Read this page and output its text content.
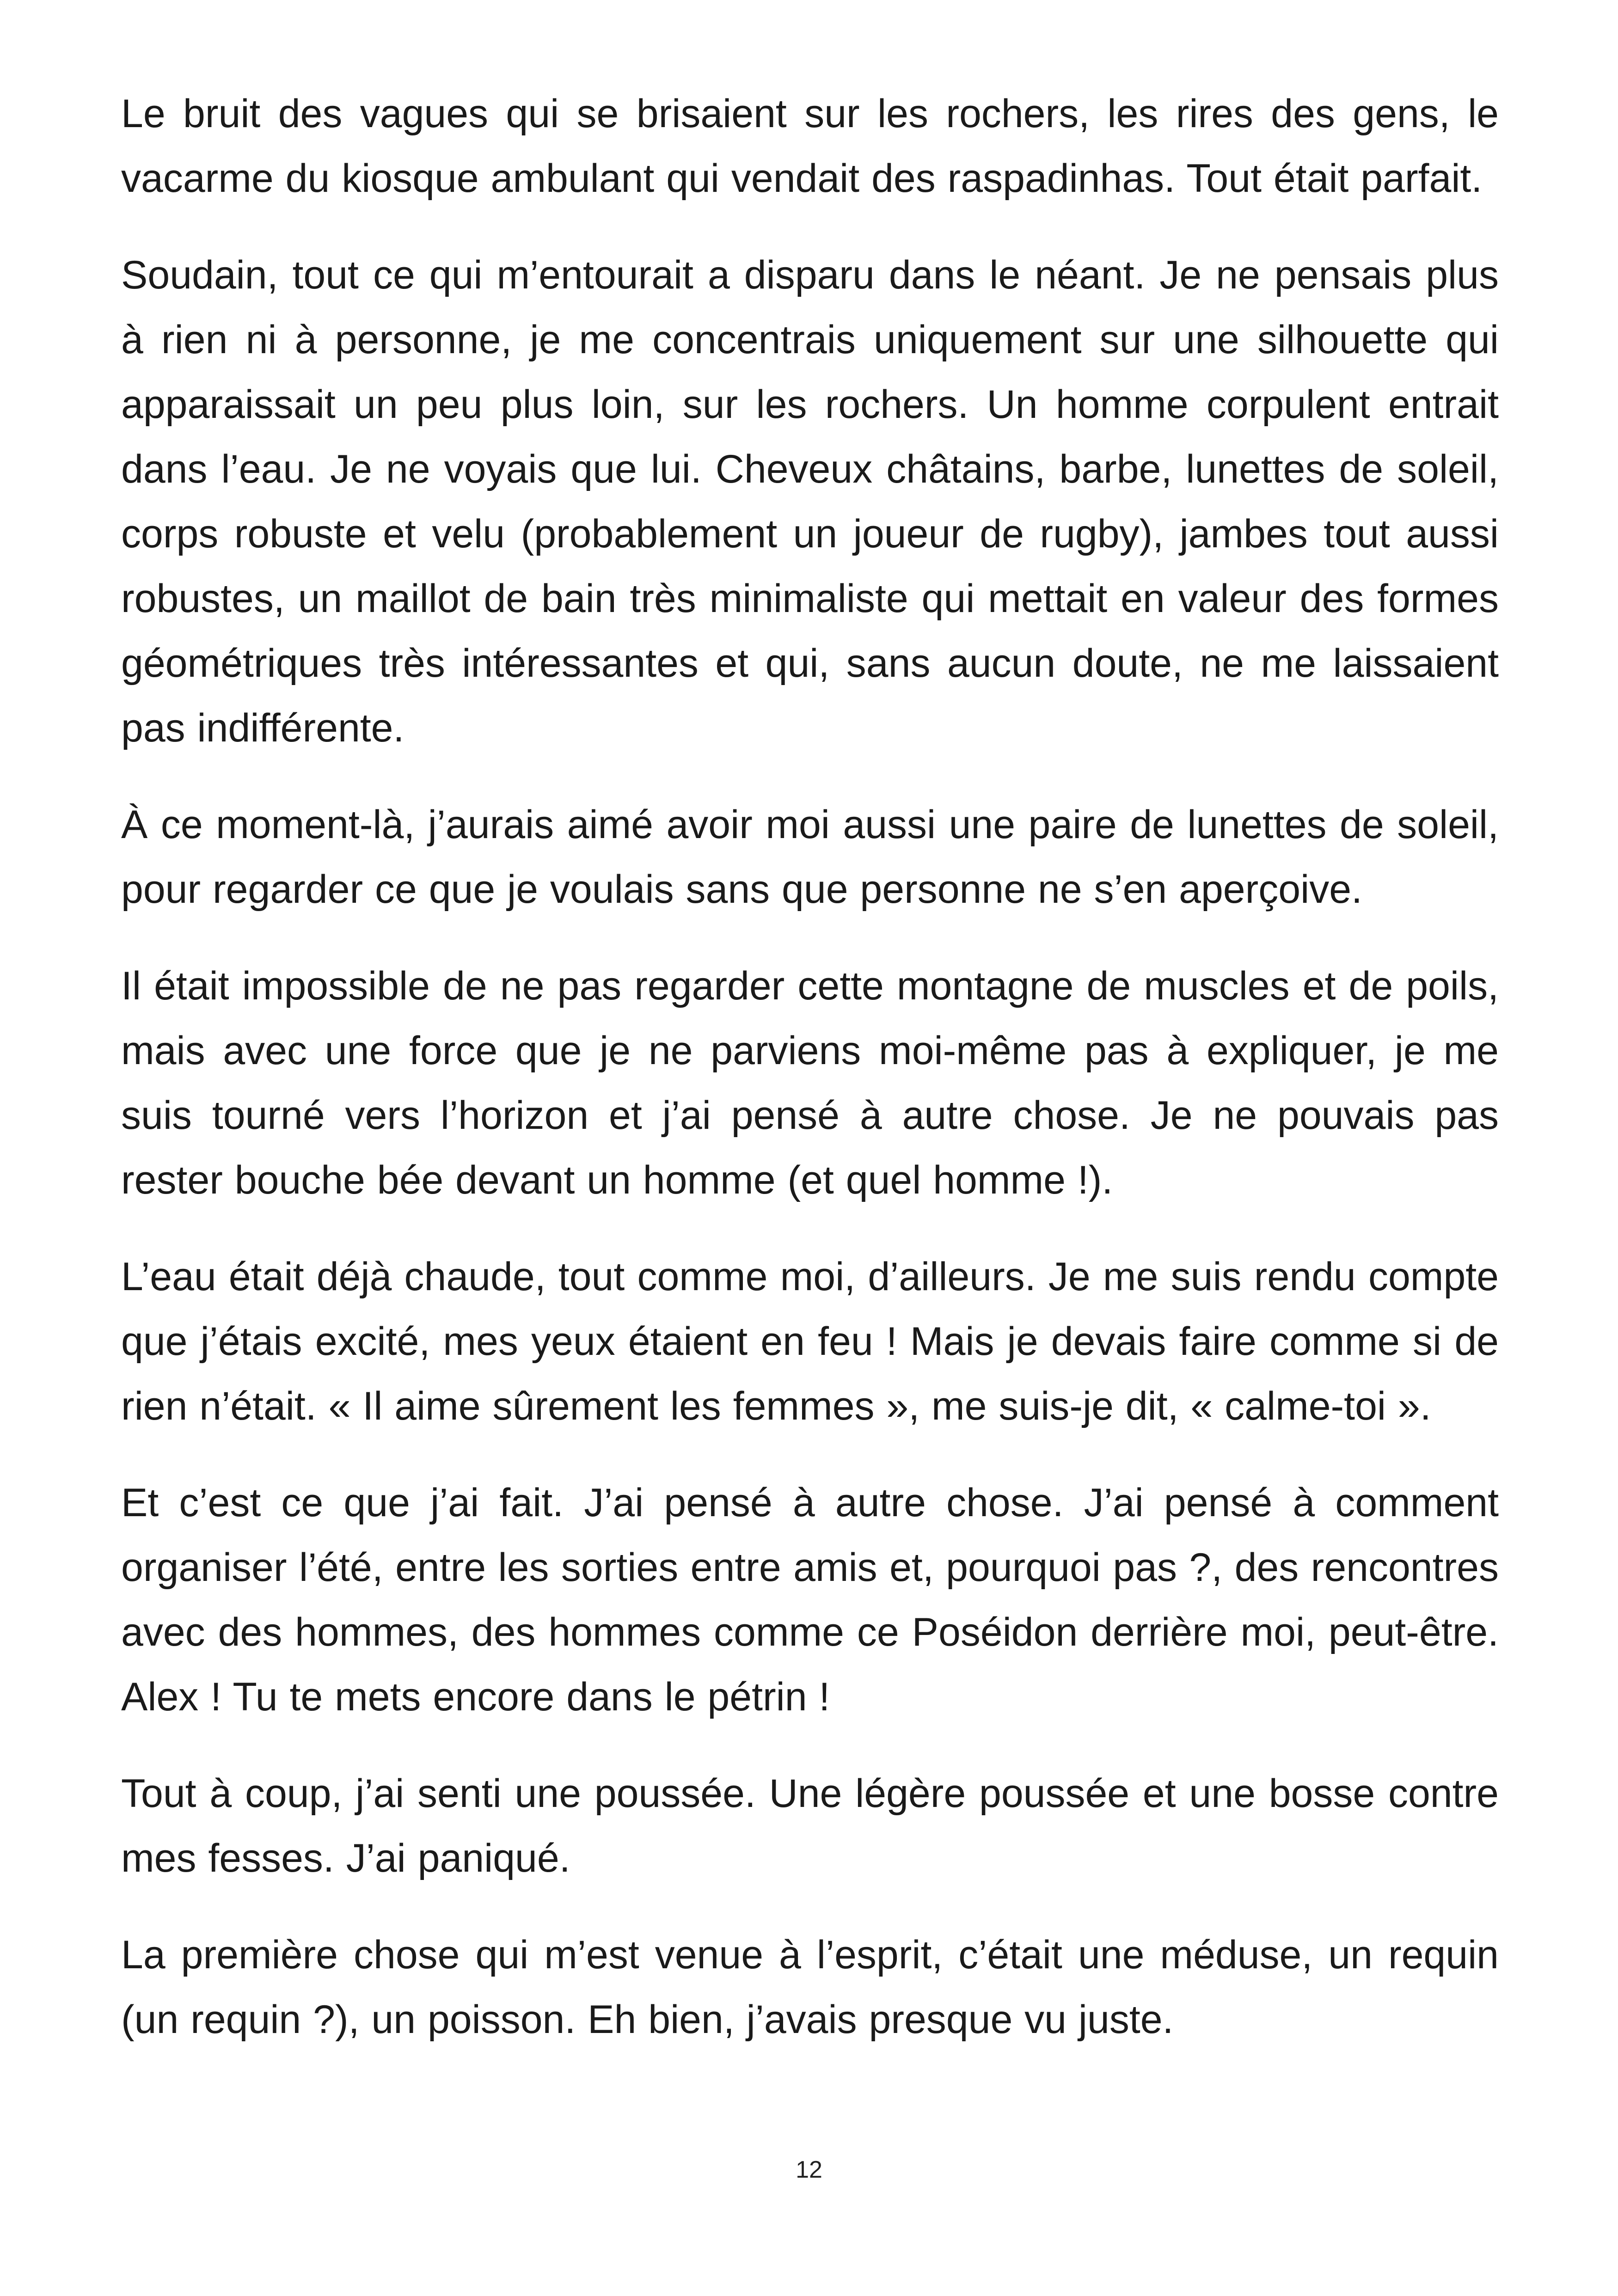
Le bruit des vagues qui se brisaient sur les rochers, les rires des gens, le vacarme du kiosque ambulant qui vendait des raspadinhas. Tout était parfait.

Soudain, tout ce qui m’entourait a disparu dans le néant. Je ne pensais plus à rien ni à personne, je me concentrais uniquement sur une silhouette qui apparaissait un peu plus loin, sur les rochers. Un homme corpulent entrait dans l’eau. Je ne voyais que lui. Cheveux châtains, barbe, lunettes de soleil, corps robuste et velu (probablement un joueur de rugby), jambes tout aussi robustes, un maillot de bain très minimaliste qui mettait en valeur des formes géométriques très intéressantes et qui, sans aucun doute, ne me laissaient pas indifférente.

À ce moment-là, j’aurais aimé avoir moi aussi une paire de lunettes de soleil, pour regarder ce que je voulais sans que personne ne s’en aperçoive.

Il était impossible de ne pas regarder cette montagne de muscles et de poils, mais avec une force que je ne parviens moi-même pas à expliquer, je me suis tourné vers l’horizon et j’ai pensé à autre chose. Je ne pouvais pas rester bouche bée devant un homme (et quel homme !).

L’eau était déjà chaude, tout comme moi, d’ailleurs. Je me suis rendu compte que j’étais excité, mes yeux étaient en feu ! Mais je devais faire comme si de rien n’était. « Il aime sûrement les femmes », me suis-je dit, « calme-toi ».

Et c’est ce que j’ai fait. J’ai pensé à autre chose. J’ai pensé à comment organiser l’été, entre les sorties entre amis et, pourquoi pas ?, des rencontres avec des hommes, des hommes comme ce Poséidon derrière moi, peut-être. Alex ! Tu te mets encore dans le pétrin !

Tout à coup, j’ai senti une poussée. Une légère poussée et une bosse contre mes fesses. J’ai paniqué.

La première chose qui m’est venue à l’esprit, c’était une méduse, un requin (un requin ?), un poisson. Eh bien, j’avais presque vu juste.

12
